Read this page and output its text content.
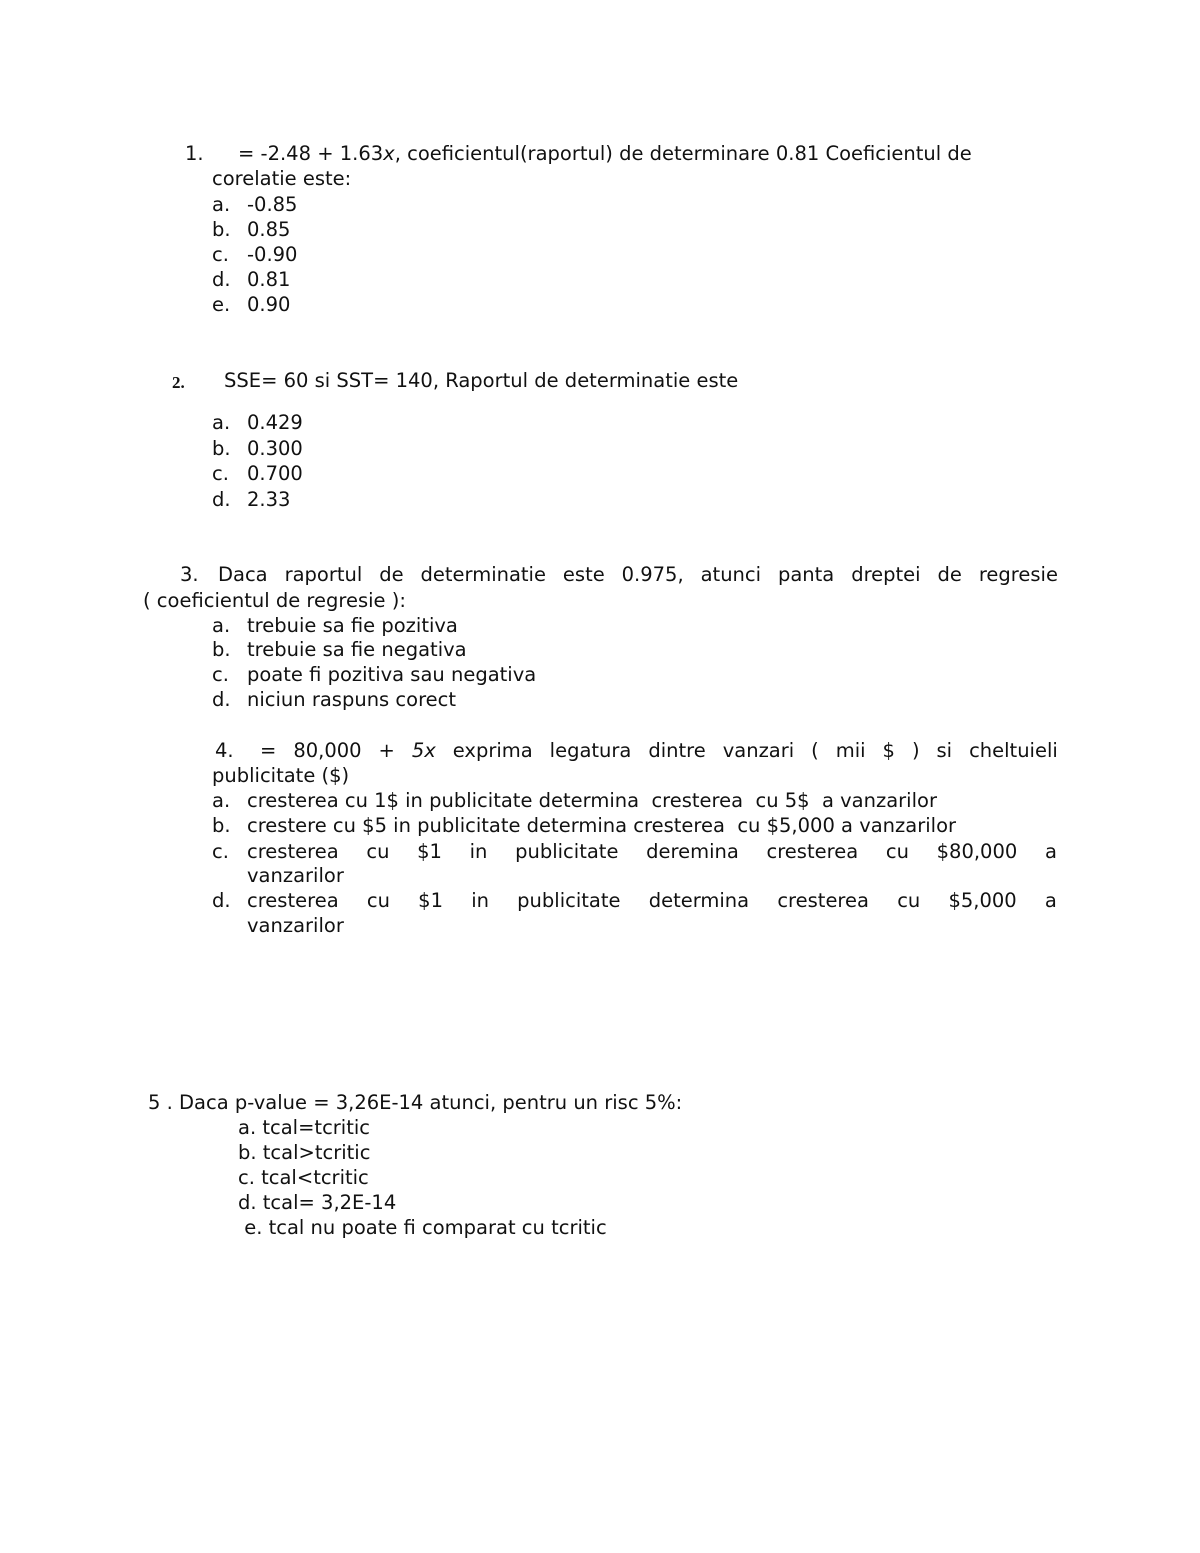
1. = -2.48 + 1.63x, coeficientul(raportul) de determinare 0.81 Coeficientul de
corelatie este:
a. -0.85
b. 0.85
c. -0.90
d. 0.81
e. 0.90
2. SSE= 60 si SST= 140, Raportul de determinatie este
a. 0.429
b. 0.300
c. 0.700
d. 2.33
3. Daca raportul de determinatie este 0.975, atunci panta dreptei de regresie
( coeficientul de regresie ):
a. trebuie sa fie pozitiva
b. trebuie sa fie negativa
c. poate fi pozitiva sau negativa
d. niciun raspuns corect
4. = 80,000 + 5x exprima legatura dintre vanzari ( mii $ ) si cheltuieli
publicitate ($)
a. cresterea cu 1$ in publicitate determina  cresterea  cu 5$  a vanzarilor
b. crestere cu $5 in publicitate determina cresterea  cu $5,000 a vanzarilor
c. cresterea cu $1 in publicitate deremina cresterea cu $80,000 a
vanzarilor
d. cresterea cu $1 in publicitate determina cresterea cu $5,000 a
vanzarilor
5 . Daca p-value = 3,26E-14 atunci, pentru un risc 5%:
a. tcal=tcritic
b. tcal>tcritic
c. tcal<tcritic
d. tcal= 3,2E-14
e. tcal nu poate fi comparat cu tcritic
